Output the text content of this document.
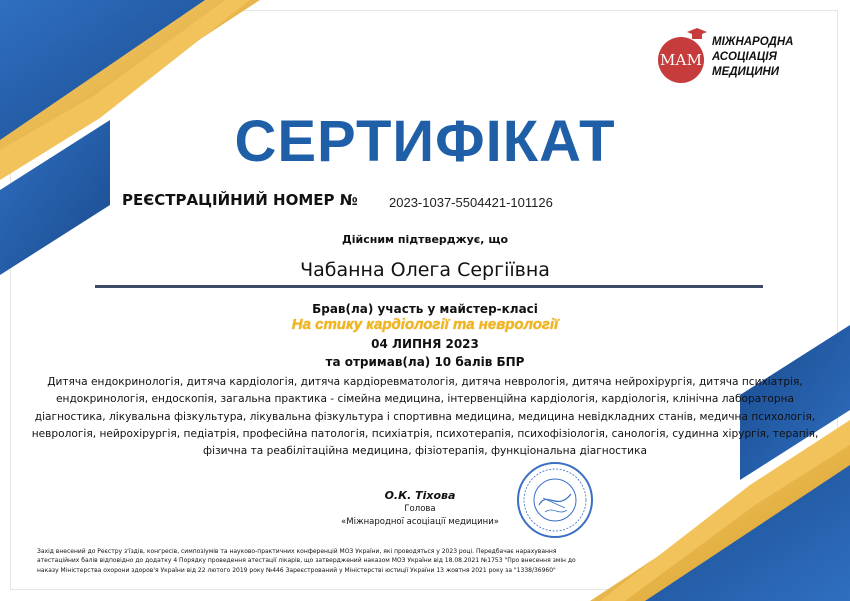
МАМ
МІЖНАРОДНА
АСОЦІАЦІЯ
МЕДИЦИНИ
СЕРТИФІКАТ
РЕЄСТРАЦІЙНИЙ НОМЕР № 2023-1037-5504421-101126
Дійсним підтверджує, що
Чабанна Олега Сергіївна
Брав(ла) участь у майстер-класі
На стику кардіології та неврології
04 ЛИПНЯ 2023
та отримав(ла) 10 балів БПР
Дитяча ендокринологія, дитяча кардіологія, дитяча кардіоревматологія, дитяча неврологія, дитяча нейрохірургія, дитяча психіатрія,
ендокринологія, ендоскопія, загальна практика - сімейна медицина, інтервенційна кардіологія, кардіологія, клінічна лабораторна
діагностика, лікувальна фізкультура, лікувальна фізкультура і спортивна медицина, медицина невідкладних станів, медична психологія,
неврологія, нейрохірургія, педіатрія, професійна патологія, психіатрія, психотерапія, психофізіологія, санологія, судинна хірургія, терапія,
фізична та реабілітаційна медицина, фізіотерапія, функціональна діагностика
О.К. Тіхова
Голова
«Міжнародної асоціації медицини»
Захід внесений до Реєстру з'їздів, конгресів, симпозіумів та науково-практичних конференцій МОЗ України, які проводяться у 2023 році. Передбачає нарахування
атестаційних балів відповідно до додатку 4 Порядку проведення атестації лікарів, що затверджений наказом МОЗ України від 18.08.2021 №1753 "Про внесення змін до
наказу Міністерства охорони здоров'я України від 22 лютого 2019 року №446 Зареєстрований у Міністерстві юстиції України 13 жовтня 2021 року за "1338/36960"
